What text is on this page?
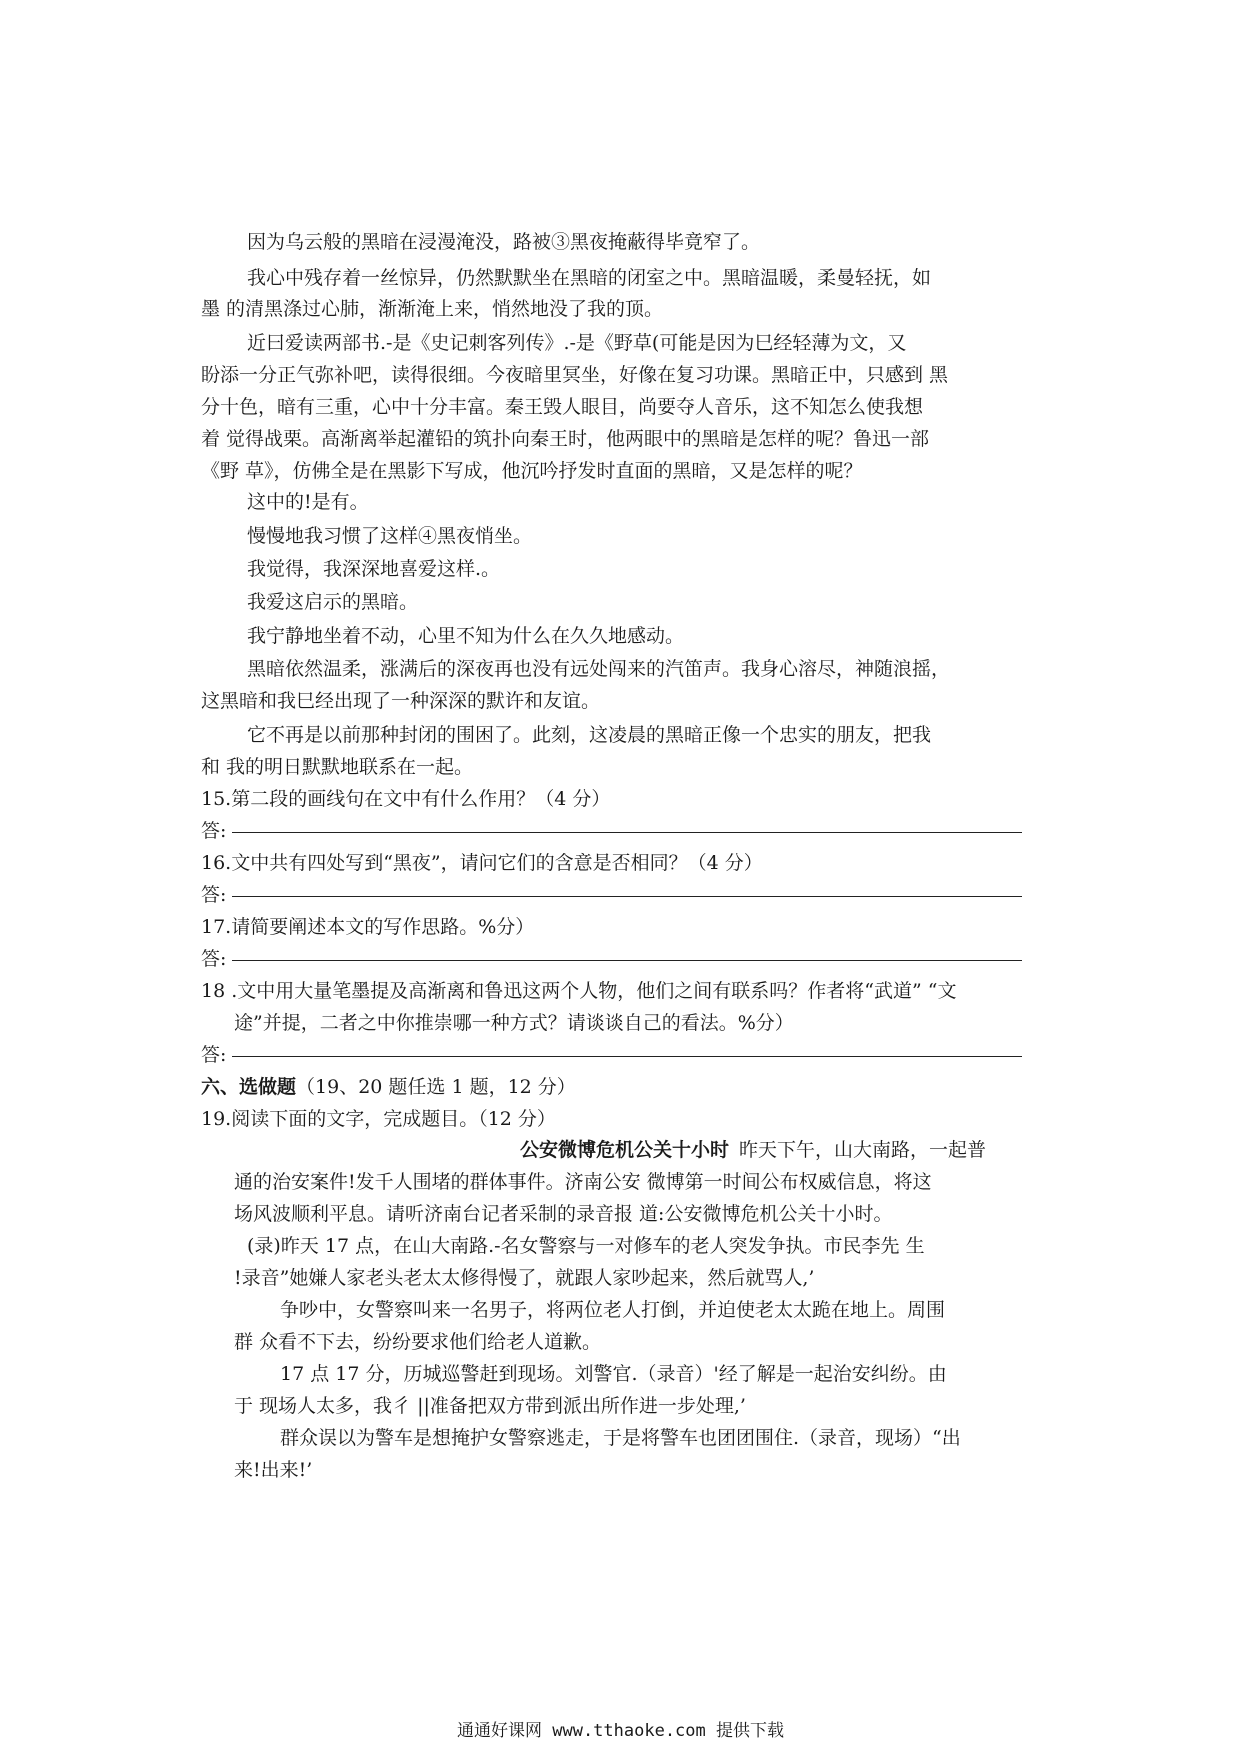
因为乌云般的黑暗在浸漫淹没，路被③黑夜掩蔽得毕竟窄了。
我心中残存着一丝惊异，仍然默默坐在黑暗的闭室之中。黑暗温暖，柔曼轻抚，如
墨 的清黑涤过心肺，渐渐淹上来，悄然地没了我的顶。
近曰爱读两部书.-是《史记刺客列传》.-是《野草(可能是因为巳经轻薄为文，又
盼添一分正气弥补吧，读得很细。今夜暗里冥坐，好像在复习功课。黑暗正中，只感到 黑
分十色，暗有三重，心中十分丰富。秦王毁人眼目，尚要夺人音乐，这不知怎么使我想
着 觉得战栗。高渐离举起灌铅的筑扑向秦王时，他两眼中的黑暗是怎样的呢？鲁迅一部
《野 草》，仿佛全是在黑影下写成，他沉吟抒发时直面的黑暗，又是怎样的呢？
这中的!是有。
慢慢地我习惯了这样④黑夜悄坐。
我觉得，我深深地喜爱这样.。
我爱这启示的黑暗。
我宁静地坐着不动，心里不知为什么在久久地感动。
黑暗依然温柔，涨满后的深夜再也没有远处闯来的汽笛声。我身心溶尽，神随浪摇，
这黑暗和我巳经出现了一种深深的默许和友谊。
它不再是以前那种封闭的围困了。此刻，这凌晨的黑暗正像一个忠实的朋友，把我
和 我的明日默默地联系在一起。
15.第二段的画线句在文中有什么作用？（4 分）
答:
16.文中共有四处写到“黑夜”，请问它们的含意是否相同？（4 分）
答:
17.请简要阐述本文的写作思路。%分）
答:
18 .文中用大量笔墨提及高渐离和鲁迅这两个人物，他们之间有联系吗？作者将“武道” “文
途”并提，二者之中你推崇哪一种方式？请谈谈自己的看法。%分）
答:
六、选做题（19、20 题任选 1 题，12 分）
19.阅读下面的文字，完成题目。（12 分）
公安微博危机公关十小时 昨天下午，山大南路，一起普
通的治安案件!发千人围堵的群体事件。济南公安 微博第一时间公布权威信息，将这
场风波顺利平息。请听济南台记者采制的录音报 道:公安微博危机公关十小时。
(录)昨天 17 点，在山大南路.-名女警察与一对修车的老人突发争执。市民李先 生
!录音”她嫌人家老头老太太修得慢了，就跟人家吵起来，然后就骂人,’
争吵中，女警察叫来一名男子，将两位老人打倒，并迫使老太太跪在地上。周围
群 众看不下去，纷纷要求他们给老人道歉。
17 点 17 分，历城巡警赶到现场。刘警官.（录音）'经了解是一起治安纠纷。由
于 现场人太多，我彳 ||准备把双方带到派出所作进一步处理,’
群众误以为警车是想掩护女警察逃走，于是将警车也团团围住.（录音，现场）“出
来!出来!’
通通好课网 www.tthaoke.com 提供下载
